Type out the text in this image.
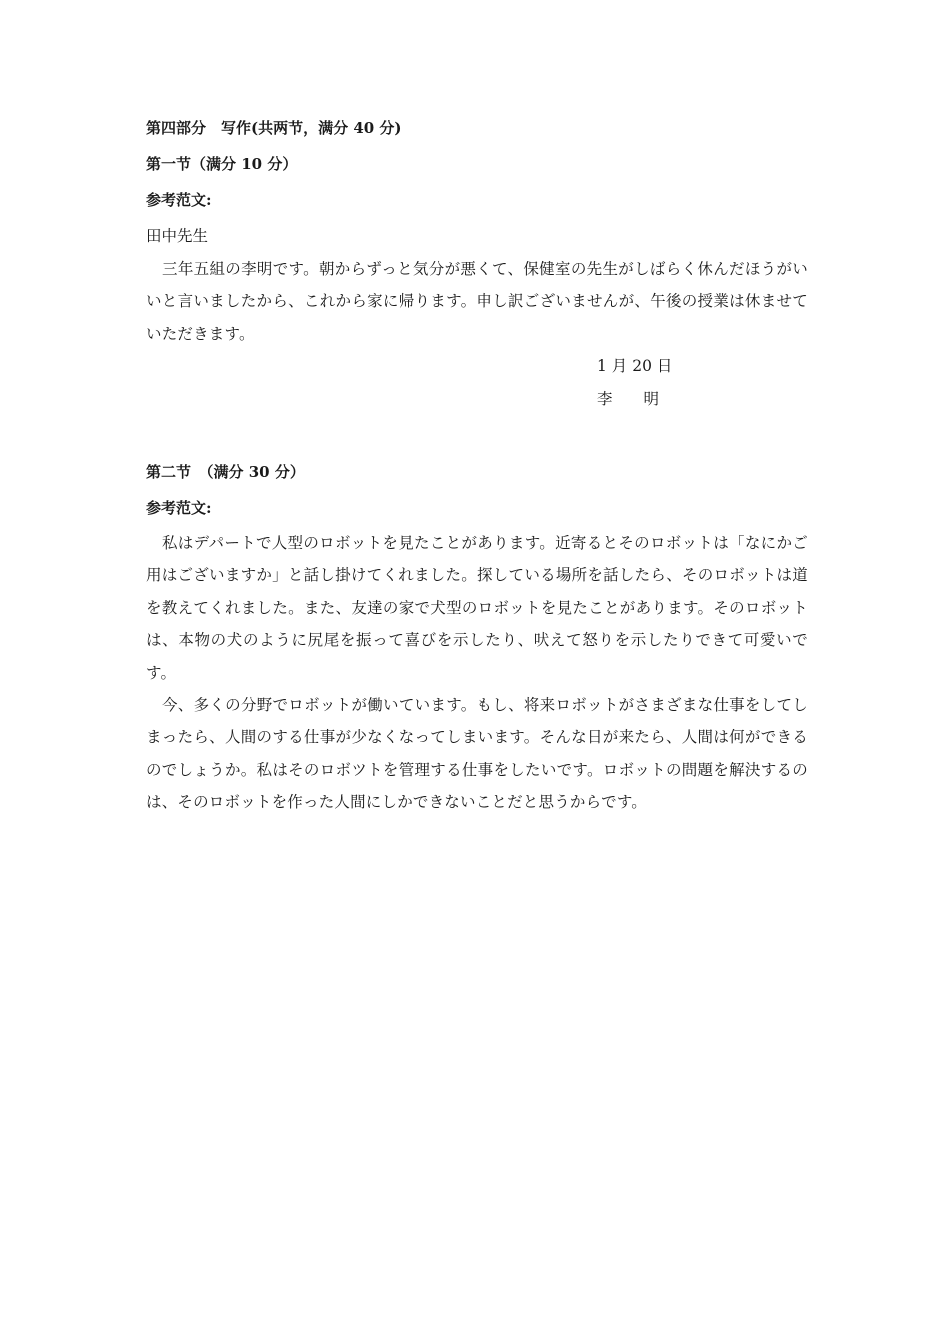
第四部分　写作(共两节，满分 40 分)
第一节（满分 10 分）
参考范文:
田中先生
三年五組の李明です。朝からずっと気分が悪くて、保健室の先生がしばらく休んだほうがいいと言いましたから、これから家に帰ります。申し訳ございませんが、午後の授業は休ませていただきます。
1 月 20 日
李　　明
第二节　（满分 30 分）
参考范文:
私はデパートで人型のロボットを見たことがあります。近寄るとそのロボットは「なにかご用はございますか」と話し掛けてくれました。探している場所を話したら、そのロボットは道を教えてくれました。また、友達の家で犬型のロボットを見たことがあります。そのロボットは、本物の犬のように尻尾を振って喜びを示したり、吠えて怒りを示したりできて可愛いです。
今、多くの分野でロボットが働いています。もし、将来ロボットがさまざまな仕事をしてしまったら、人間のする仕事が少なくなってしまいます。そんな日が来たら、人間は何ができるのでしょうか。私はそのロボツトを管理する仕事をしたいです。ロボットの問題を解決するのは、そのロボットを作った人間にしかできないことだと思うからです。
